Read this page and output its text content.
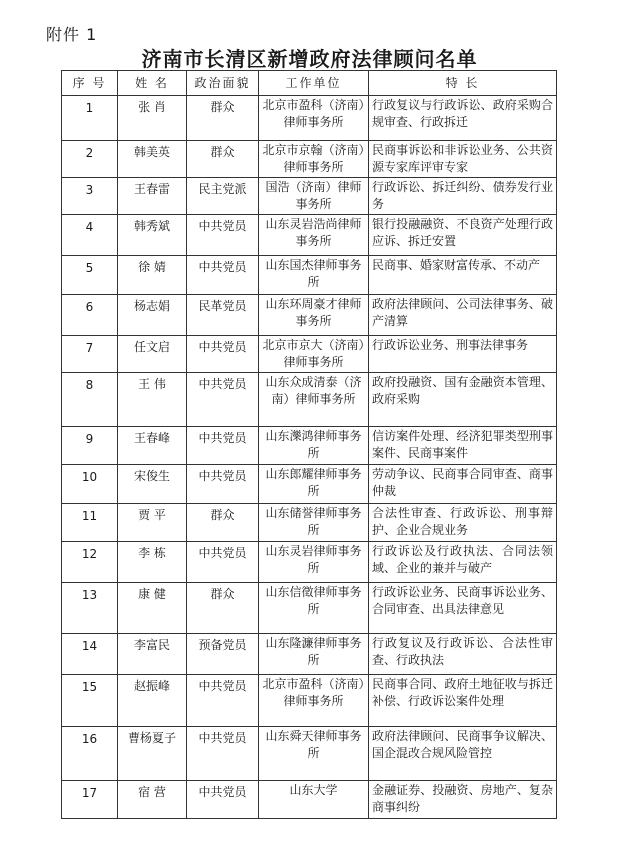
附件 1
济南市长清区新增政府法律顾问名单
序 号	姓 名	政治面貌	工作单位	特 长
1	张 肖	群众	北京市盈科（济南）律师事务所	行政复议与行政诉讼、政府采购合规审查、行政拆迁
2	韩美英	群众	北京市京翰（济南）律师事务所	民商事诉讼和非诉讼业务、公共资源专家库评审专家
3	王春雷	民主党派	国浩（济南）律师事务所	行政诉讼、拆迁纠纷、债券发行业务
4	韩秀斌	中共党员	山东灵岩浩尚律师事务所	银行投融融资、不良资产处理行政应诉、拆迁安置
5	徐 婧	中共党员	山东国杰律师事务所	民商事、婚家财富传承、不动产
6	杨志娟	民革党员	山东环周豪才律师事务所	政府法律顾问、公司法律事务、破产清算
7	任文启	中共党员	北京市京大（济南）律师事务所	行政诉讼业务、刑事法律事务
8	王 伟	中共党员	山东众成清泰（济南）律师事务所	政府投融资、国有金融资本管理、政府采购
9	王春峰	中共党员	山东濼鸿律师事务所	信访案件处理、经济犯罪类型刑事案件、民商事案件
10	宋俊生	中共党员	山东郎耀律师事务所	劳动争议、民商事合同审查、商事仲裁
11	贾 平	群众	山东储誉律师事务所	合法性审查、行政诉讼、刑事辩护、企业合规业务
12	李 栋	中共党员	山东灵岩律师事务所	行政诉讼及行政执法、合同法领域、企业的兼并与破产
13	康 健	群众	山东信徵律师事务所	行政诉讼业务、民商事诉讼业务、合同审查、出具法律意见
14	李富民	预备党员	山东隆濂律师事务所	行政复议及行政诉讼、合法性审查、行政执法
15	赵振峰	中共党员	北京市盈科（济南）律师事务所	民商事合同、政府土地征收与拆迁补偿、行政诉讼案件处理
16	曹杨夏子	中共党员	山东舜天律师事务所	政府法律顾问、民商事争议解决、国企混改合规风险管控
17	宿 营	中共党员	山东大学	金融证券、投融资、房地产、复杂商事纠纷
